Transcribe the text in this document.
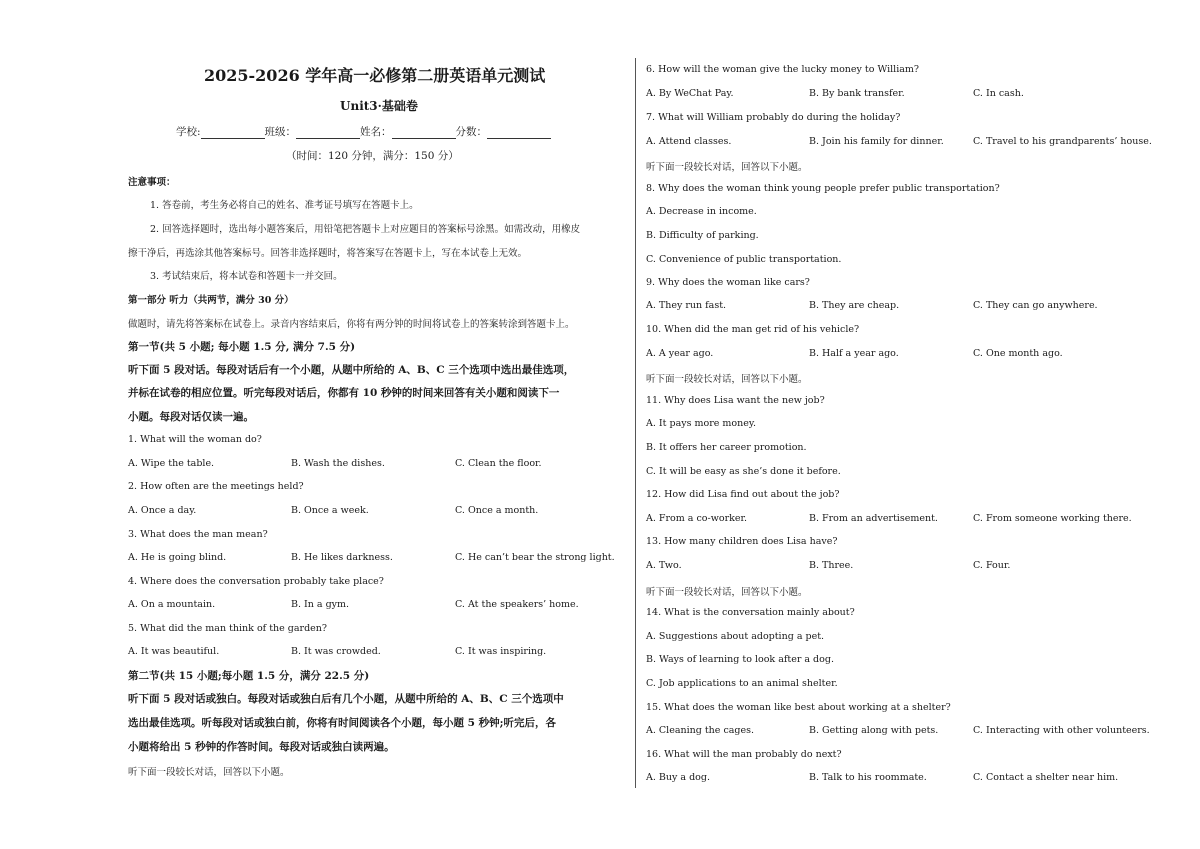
2025-2026 学年高一必修第二册英语单元测试
Unit3·基础卷
学校:	班级：	姓名：	分数：
（时间：120 分钟，满分：150 分）
注意事项：
1. 答卷前，考生务必将自己的姓名、准考证号填写在答题卡上。
2. 回答选择题时，选出每小题答案后，用铅笔把答题卡上对应题目的答案标号涂黑。如需改动，用橡皮
擦干净后，再选涂其他答案标号。回答非选择题时，将答案写在答题卡上，写在本试卷上无效。
3. 考试结束后，将本试卷和答题卡一并交回。
第一部分 听力（共两节，满分 30 分）
做题时，请先将答案标在试卷上。录音内容结束后，你将有两分钟的时间将试卷上的答案转涂到答题卡上。
第一节(共 5 小题; 每小题 1.5 分, 满分 7.5 分)
听下面 5 段对话。每段对话后有一个小题，从题中所给的 A、B、C 三个选项中选出最佳选项，
并标在试卷的相应位置。听完每段对话后，你都有 10 秒钟的时间来回答有关小题和阅读下一
小题。每段对话仅读一遍。
1. What will the woman do?
A. Wipe the table.	B. Wash the dishes.	C. Clean the floor.
2. How often are the meetings held?
A. Once a day.	B. Once a week.	C. Once a month.
3. What does the man mean?
A. He is going blind.	B. He likes darkness.	C. He can’t bear the strong light.
4. Where does the conversation probably take place?
A. On a mountain.	B. In a gym.	C. At the speakers’ home.
5. What did the man think of the garden?
A. It was beautiful.	B. It was crowded.	C. It was inspiring.
第二节(共 15 小题;每小题 1.5 分，满分 22.5 分)
听下面 5 段对话或独白。每段对话或独白后有几个小题，从题中所给的 A、B、C 三个选项中
选出最佳选项。听每段对话或独白前，你将有时间阅读各个小题，每小题 5 秒钟;听完后，各
小题将给出 5 秒钟的作答时间。每段对话或独白读两遍。
听下面一段较长对话，回答以下小题。
6. How will the woman give the lucky money to William?
A. By WeChat Pay.	B. By bank transfer.	C. In cash.
7. What will William probably do during the holiday?
A. Attend classes.	B. Join his family for dinner.	C. Travel to his grandparents’ house.
听下面一段较长对话，回答以下小题。
8. Why does the woman think young people prefer public transportation?
A. Decrease in income.
B. Difficulty of parking.
C. Convenience of public transportation.
9. Why does the woman like cars?
A. They run fast.	B. They are cheap.	C. They can go anywhere.
10. When did the man get rid of his vehicle?
A. A year ago.	B. Half a year ago.	C. One month ago.
听下面一段较长对话，回答以下小题。
11. Why does Lisa want the new job?
A. It pays more money.
B. It offers her career promotion.
C. It will be easy as she’s done it before.
12. How did Lisa find out about the job?
A. From a co-worker.	B. From an advertisement.	C. From someone working there.
13. How many children does Lisa have?
A. Two.	B. Three.	C. Four.
听下面一段较长对话，回答以下小题。
14. What is the conversation mainly about?
A. Suggestions about adopting a pet.
B. Ways of learning to look after a dog.
C. Job applications to an animal shelter.
15. What does the woman like best about working at a shelter?
A. Cleaning the cages.	B. Getting along with pets.	C. Interacting with other volunteers.
16. What will the man probably do next?
A. Buy a dog.	B. Talk to his roommate.	C. Contact a shelter near him.
